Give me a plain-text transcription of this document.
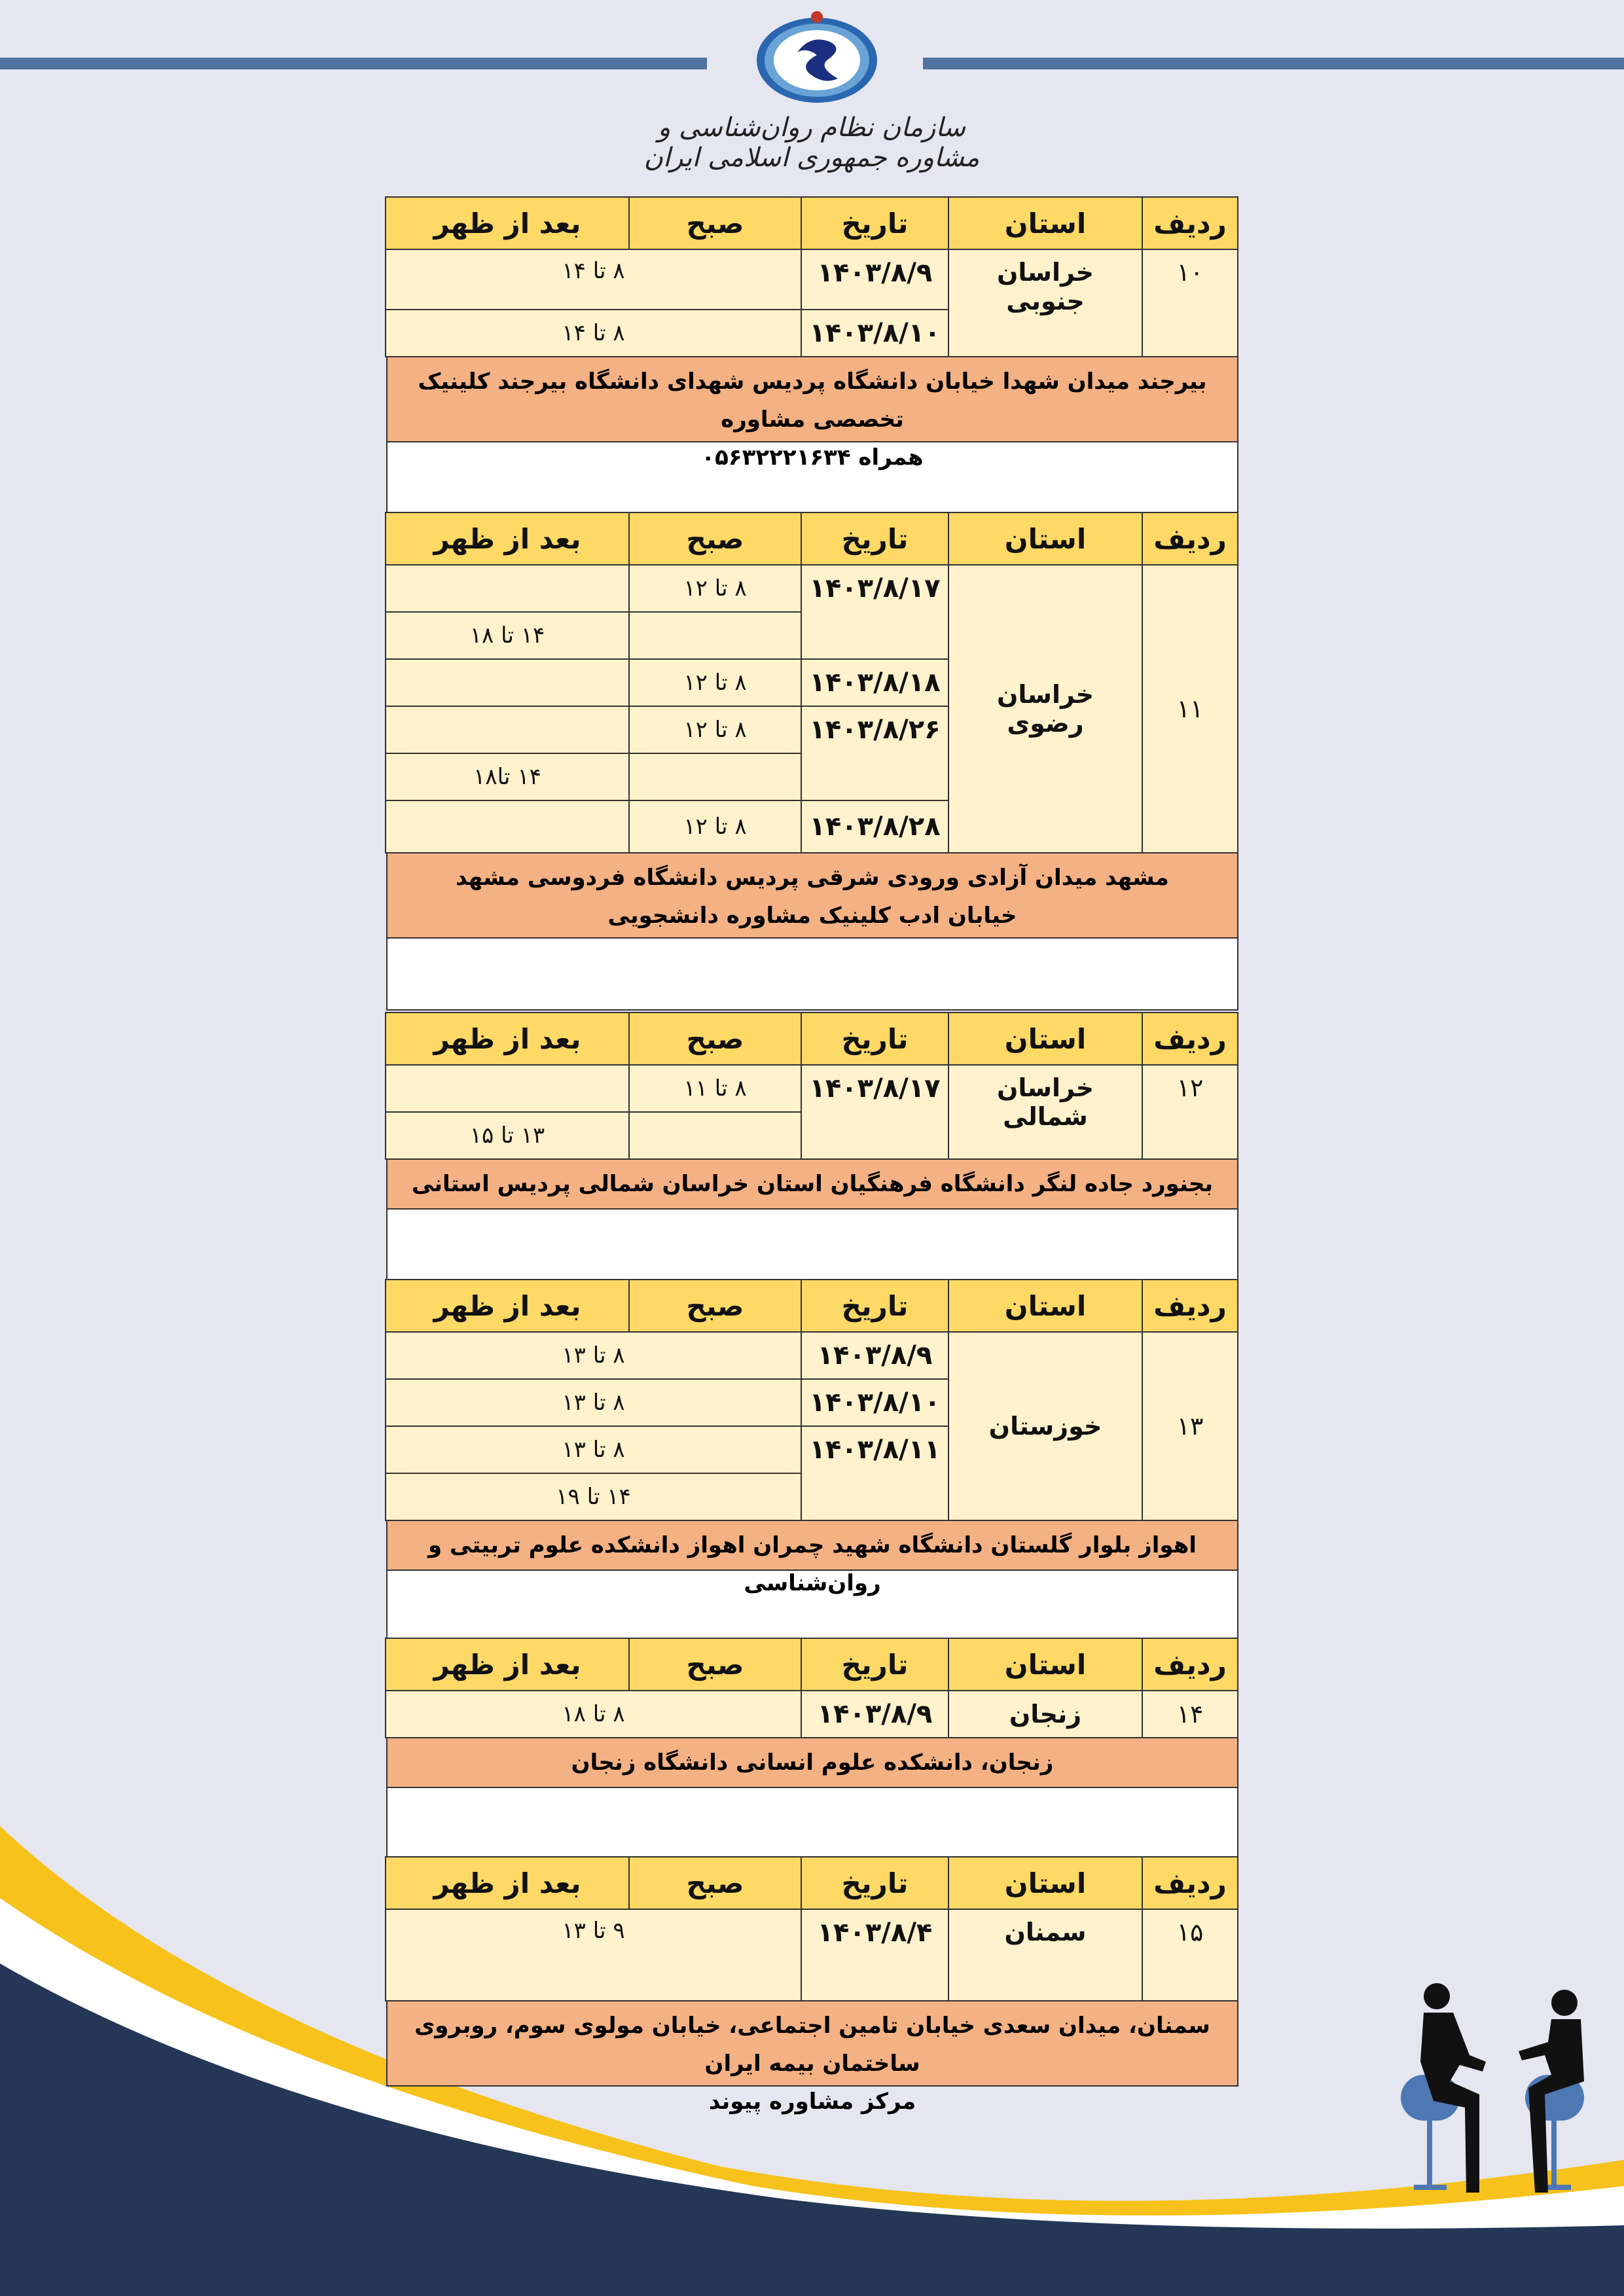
سازمان نظام روان‌شناسی و مشاوره جمهوری اسلامی ایران
ردیف	استان	تاریخ	صبح	بعد از ظهر
۱۰	خراسان جنوبی	۱۴۰۳/۸/۹	۸ تا ۱۴	
		۱۴۰۳/۸/۱۰	۸ تا ۱۴	
بیرجند میدان شهدا خیابان دانشگاه پردیس شهدای دانشگاه بیرجند کلینیک تخصصی مشاوره
همراه ۰۵۶۳۲۲۲۱۶۳۴
ردیف	استان	تاریخ	صبح	بعد از ظهر
۱۱	خراسان رضوی	۱۴۰۳/۸/۱۷	۸ تا ۱۲	
				۱۴ تا ۱۸
		۱۴۰۳/۸/۱۸	۸ تا ۱۲	
		۱۴۰۳/۸/۲۶	۸ تا ۱۲	
				۱۴ تا۱۸
		۱۴۰۳/۸/۲۸	۸ تا ۱۲	
مشهد میدان آزادی ورودی شرقی پردیس دانشگاه فردوسی مشهد
خیابان ادب کلینیک مشاوره دانشجویی
ردیف	استان	تاریخ	صبح	بعد از ظهر
۱۲	خراسان شمالی	۱۴۰۳/۸/۱۷	۸ تا ۱۱	
				۱۳ تا ۱۵
بجنورد جاده لنگر دانشگاه فرهنگیان استان خراسان شمالی پردیس استانی
ردیف	استان	تاریخ	صبح	بعد از ظهر
۱۳	خوزستان	۱۴۰۳/۸/۹	۸ تا ۱۳	
		۱۴۰۳/۸/۱۰	۸ تا ۱۳	
		۱۴۰۳/۸/۱۱	۸ تا ۱۳	
			۱۴ تا ۱۹	
اهواز بلوار گلستان دانشگاه شهید چمران اهواز دانشکده علوم تربیتی و روان‌شناسی
ردیف	استان	تاریخ	صبح	بعد از ظهر
۱۴	زنجان	۱۴۰۳/۸/۹	۸ تا ۱۸	
زنجان، دانشکده علوم انسانی دانشگاه زنجان
ردیف	استان	تاریخ	صبح	بعد از ظهر
۱۵	سمنان	۱۴۰۳/۸/۴	۹ تا ۱۳	
سمنان، میدان سعدی خیابان تامین اجتماعی، خیابان مولوی سوم، روبروی ساختمان بیمه ایران
مرکز مشاوره پیوند
